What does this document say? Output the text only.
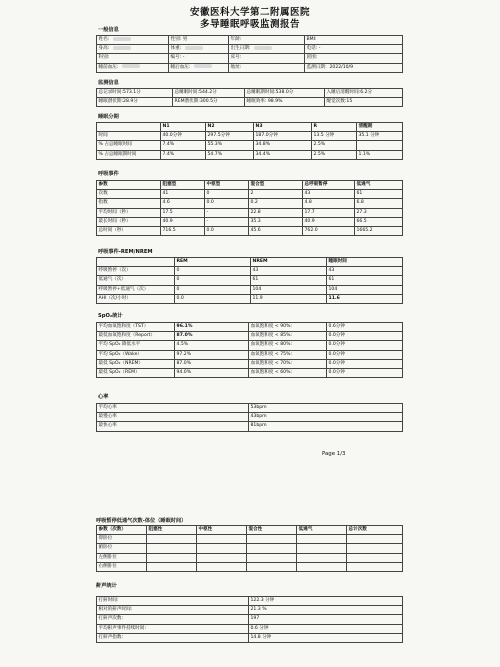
安徽医科大学第二附属医院
多导睡眠呼吸监测报告
一般信息
姓名:	性别: 男	年龄:	BMI:
身高:	体重:	出生日期:	电话: -
科别:	编号: -	床号:	唇围:
睡前血压:	睡后血压:	地址:	监测日期：2022/10/9
监测信息
总记录时间:573.1分	总睡眠时间:544.2分	总睡眠期时间:538.0分	入睡后清醒时间:6.2分
睡眠潜伏期:28.9分	REM潜伏期:300.5分	睡眠效率: 98.9%	醒觉次数:15
睡眠分期
	N1	N2	N3	R	清醒期
时间	40.0分钟	297.5分钟	187.0分钟	13.5 分钟	35.1 分钟
% 占总睡眠时间	7.4%	55.3%	34.8%	2.5%	
% 占总睡眠期时间	7.4%	54.7%	34.4%	2.5%	1.1%
呼吸事件
参数	阻塞型	中枢型	混合型	总呼吸暂停	低通气
次数	41	0	2	43	61
指数	4.6	0.0	0.2	4.8	6.8
平均时间（秒）	17.5	-	22.8	17.7	27.3
最长时间（秒）	40.9	-	35.3	40.9	66.5
总时间（秒）	716.5	0.0	45.6	762.0	1665.2
呼吸事件-REM/NREM
	REM	NREM	睡眠时间
呼吸暂停（次）	0	43	43
低通气（次）	0	61	61
呼吸暂停+低通气（次）	0	104	104
AHI（次/小时）	0.0	11.9	11.6
SpO₂统计
平均血氧饱和度（TST）	96.1%	血氧饱和度 < 90%:	0.6分钟
最低血氧饱和度（Report）	87.0%	血氧饱和度 < 85%:	0.0分钟
平均 SpO₂ 降低水平	4.5%	血氧饱和度 < 80%:	0.0分钟
平均 SpO₂（Wake）	97.2%	血氧饱和度 < 75%:	0.0分钟
最低 SpO₂（NREM）	87.0%	血氧饱和度 < 70%:	0.0分钟
最低 SpO₂（REM）	94.0%	血氧饱和度 < 60%:	0.0分钟
心率
平均心率	53bpm
最慢心率	43bpm
最快心率	81bpm
Page 1/3
呼吸暂停低通气次数-体位（睡眠时间）
参数（次数）	阻塞性	中枢性	混合性	低通气	总计次数
仰卧位					
俯卧位					
左侧卧位					
右侧卧位					
鼾声统计
打鼾时间:	122.3 分钟
相对的鼾声时间:	21.3 %
打鼾声次数:	197
平均鼾声事件持续时间:	0.6 分钟
打鼾声指数:	14.8 分钟
